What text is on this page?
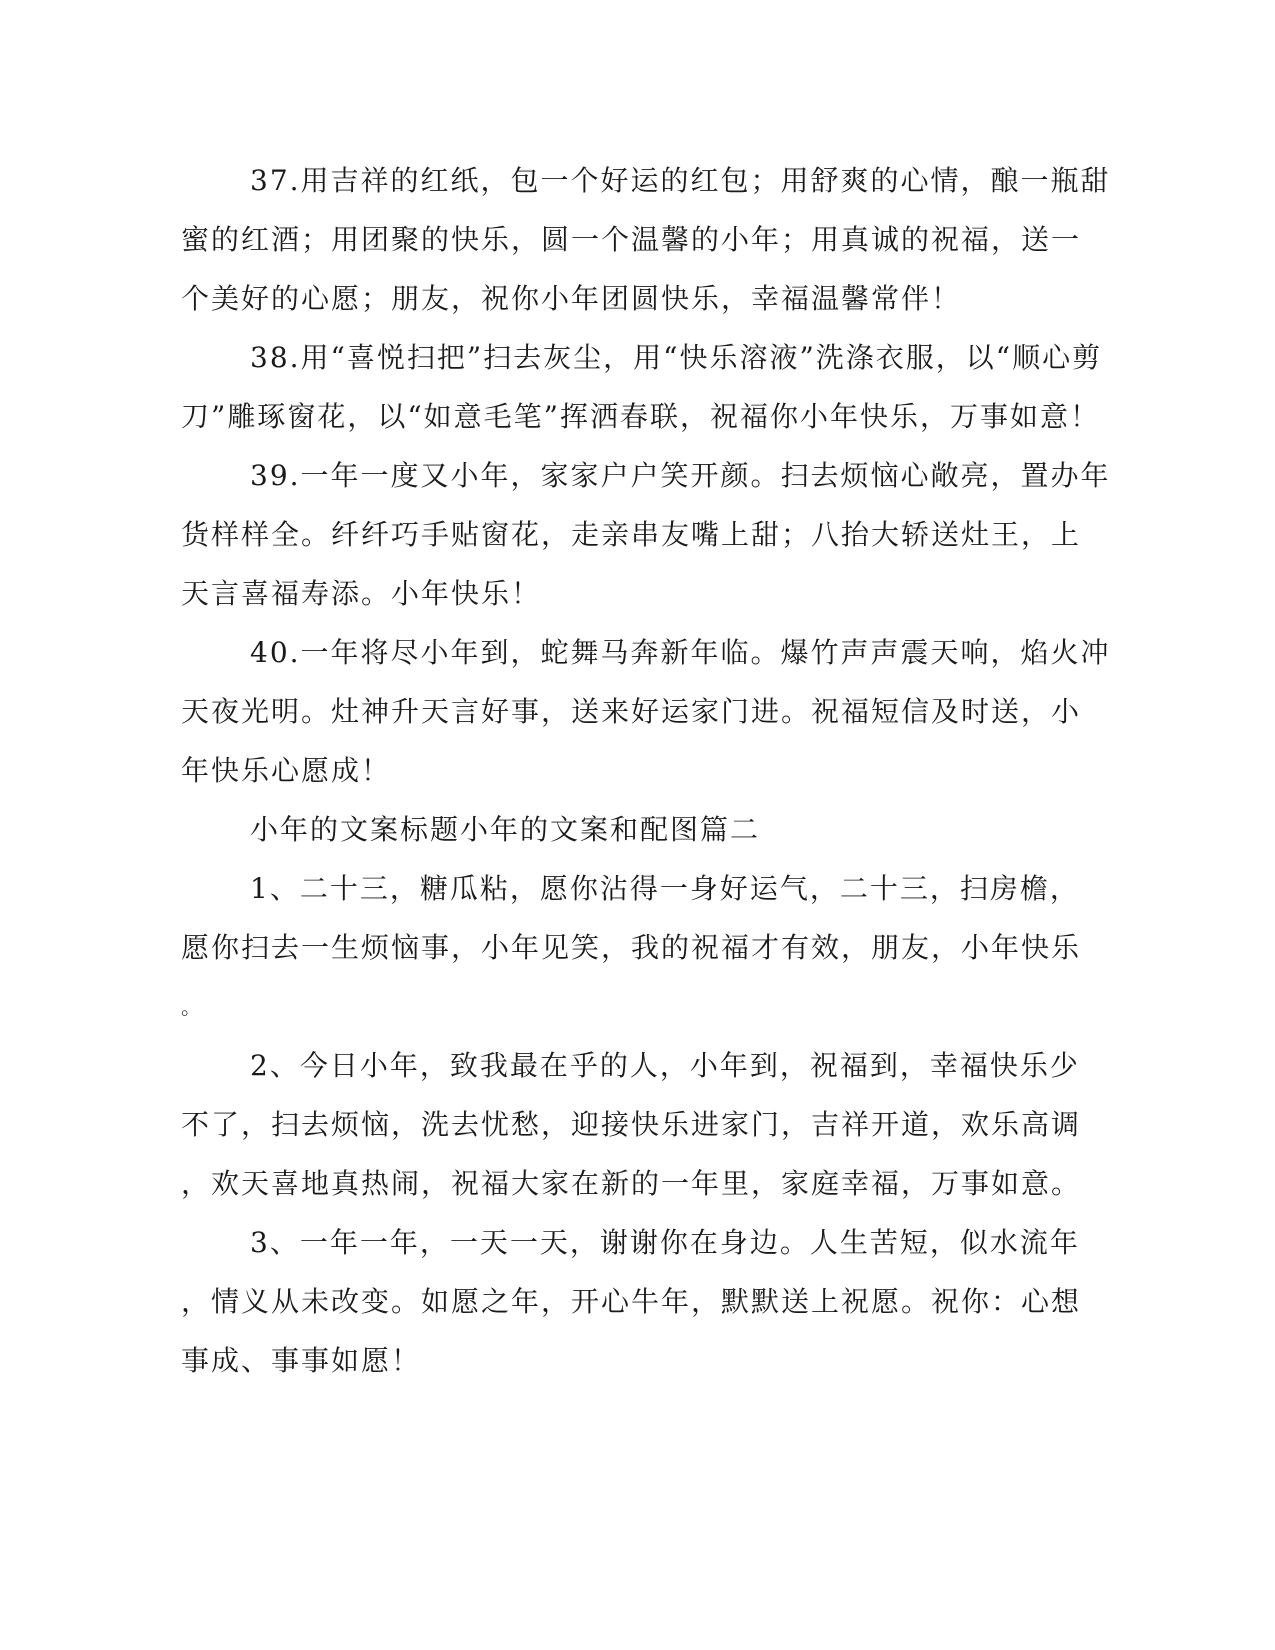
37.用吉祥的红纸，包一个好运的红包；用舒爽的心情，酿一瓶甜
蜜的红酒；用团聚的快乐，圆一个温馨的小年；用真诚的祝福，送一
个美好的心愿；朋友，祝你小年团圆快乐，幸福温馨常伴！
38.用“喜悦扫把”扫去灰尘，用“快乐溶液”洗涤衣服，以“顺心剪
刀”雕琢窗花，以“如意毛笔”挥洒春联，祝福你小年快乐，万事如意！
39.一年一度又小年，家家户户笑开颜。扫去烦恼心敞亮，置办年
货样样全。纤纤巧手贴窗花，走亲串友嘴上甜；八抬大轿送灶王，上
天言喜福寿添。小年快乐！
40.一年将尽小年到，蛇舞马奔新年临。爆竹声声震天响，焰火冲
天夜光明。灶神升天言好事，送来好运家门进。祝福短信及时送，小
年快乐心愿成！
小年的文案标题小年的文案和配图篇二
1、二十三，糖瓜粘，愿你沾得一身好运气，二十三，扫房檐，
愿你扫去一生烦恼事，小年见笑，我的祝福才有效，朋友，小年快乐
。
2、今日小年，致我最在乎的人，小年到，祝福到，幸福快乐少
不了，扫去烦恼，洗去忧愁，迎接快乐进家门，吉祥开道，欢乐高调
，欢天喜地真热闹，祝福大家在新的一年里，家庭幸福，万事如意。
3、一年一年，一天一天，谢谢你在身边。人生苦短，似水流年
，情义从未改变。如愿之年，开心牛年，默默送上祝愿。祝你：心想
事成、事事如愿！
